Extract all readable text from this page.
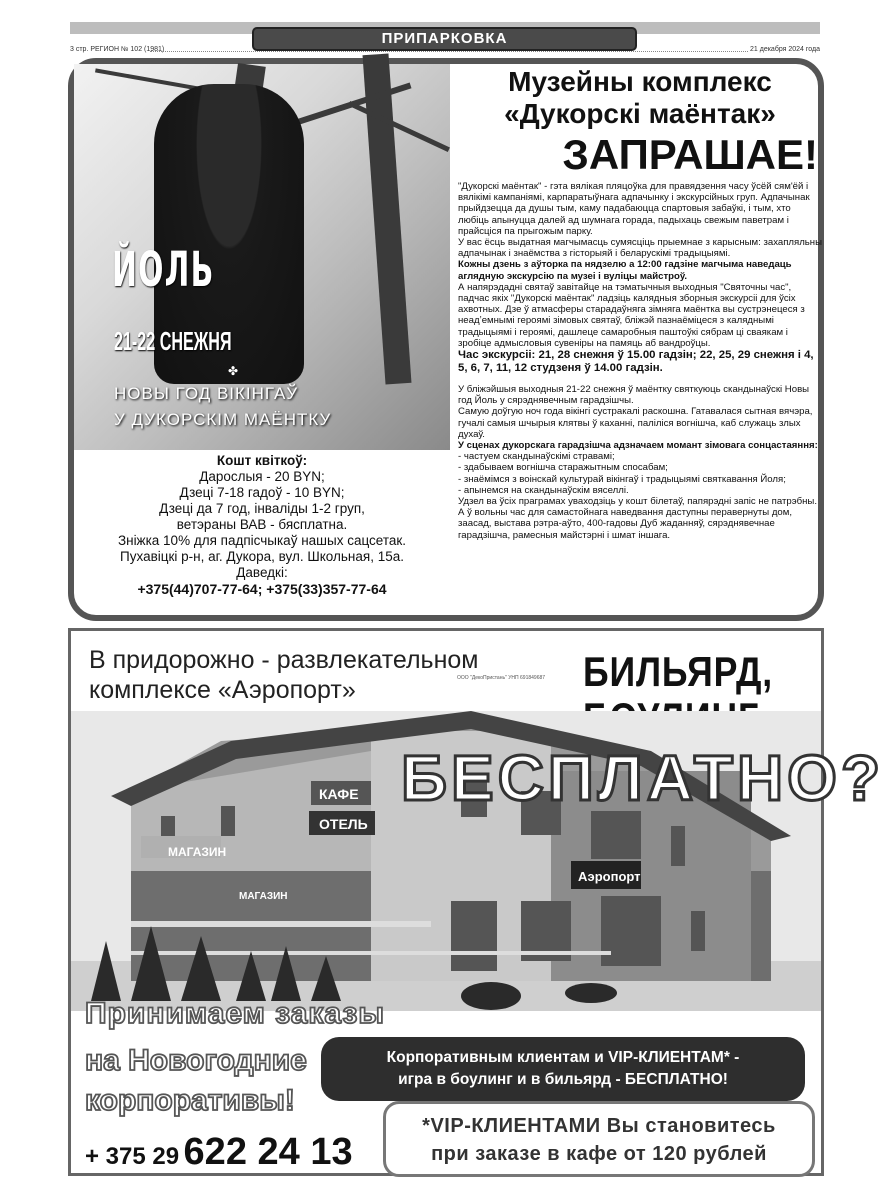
ПРИПАРКОВКА
3 стр. РЕГИОН № 102 (1981)	21 декабря 2024 года
ЙОЛЬ
21-22 СНЕЖНЯ
✤
НОВЫ ГОД ВІКІНГАЎ
У ДУКОРСКІМ МАЁНТКУ
Кошт квіткоў:
Дарослыя - 20 BYN;
Дзеці 7-18 гадоў - 10 BYN;
Дзеці да 7 год, інваліды 1-2 груп,
ветэраны ВАВ - бясплатна.
Зніжка 10% для падпісчыкаў нашых сацсетак.
Пухавіцкі р-н, аг. Дукора, вул. Школьная, 15а.
Даведкі:
+375(44)707-77-64; +375(33)357-77-64
Музейны комплекс «Дукорскі маёнтак»
ЗАПРАШАЕ!

"Дукорскі маёнтак" - гэта вялікая пляцоўка для правядзення часу ўсёй сям'ёй і вялікімі кампаніямі, карпаратыўнага адпачынку і экскурсійных груп. Адпачынак прыйдзецца да душы тым, каму падабаюцца спартовыя забаўкі, і тым, хто любіць апынуцца далей ад шумнага горада, падыхаць свежым паветрам і прайсціся па прыгожым парку.

У вас ёсць выдатная магчымасць сумясціць прыемнае з карысным: захапляльны адпачынак і знаёмства з гісторыяй і беларускімі традыцыямі.

Кожны дзень з аўторка па нядзелю а 12:00 гадзіне магчыма наведаць аглядную экскурсію па музеі і вуліцы майстроў.

А напярэдадні святаў завітайце на тэматычныя выходныя "Святочны час", падчас якіх "Дукорскі маёнтак" ладзіць калядныя зборныя экскурсіі для ўсіх ахвотных. Дзе ў атмасферы старадаўняга зімняга маёнтка вы сустрэнецеся з неадʼемнымі героямі зімовых святаў, бліжэй пазнаёміцеся з каляднымі традыцыямі і героямі, дашлеце самаробныя паштоўкі сябрам ці сваякам і зробіце адмысловыя сувеніры на памяць аб вандроўцы.

Час экскурсіі: 21, 28 снежня ў 15.00 гадзін; 22, 25, 29 снежня і 4, 5, 6, 7, 11, 12 студзеня ў 14.00 гадзін.

У бліжэйшыя выходныя 21-22 снежня ў маёнтку святкуюць скандынаўскі Новы год Йоль у сярэднявечным гарадзішчы.

Самую доўгую ноч года вікінгі сустракалі раскошна. Гатавалася сытная вячэра, гучалі самыя шчырыя клятвы ў каханні, паліліся вогнішча, каб служаць злых духаў.

У сценах дукорскага гарадзішча адзначаем момант зімовага сонцастаяння:

- частуем скандынаўскімі стравамі;

- здабываем вогнішча старажытным спосабам;

- знаёмімся з воінскай культурай вікінгаў і традыцыямі святкавання Йоля;

- апынемся на скандынаўскім вяселлі.

Удзел ва ўсіх праграмах уваходзіць у кошт білетаў, папярэдні запіс не патрэбны.

А ў вольны час для самастойнага наведвання даступны перавернуты дом, заасад, выстава рэтра-аўто, 400-гадовы Дуб жаданняў, сярэднявечнае гарадзішча, рамесныя майстэрні і шмат іншага.

В придорожно - развлекательном
комплексе «Аэропорт»	ООО "ДекоПристань" УНП 691849687 БИЛЬЯРД,
МАГАЗИН
КАФЕ
ОТЕЛЬ
Аэропорт
МАГАЗИН
БЕСПЛАТНО?
Принимаем заказы
на Новогодние
корпоративы!
+ 375 29 622 24 13
Корпоративным клиентам и VIP-КЛИЕНТАМ* -
игра в боулинг и в бильярд - БЕСПЛАТНО!
*VIP-КЛИЕНТАМИ Вы становитесь
при заказе в кафе от 120 рублей
